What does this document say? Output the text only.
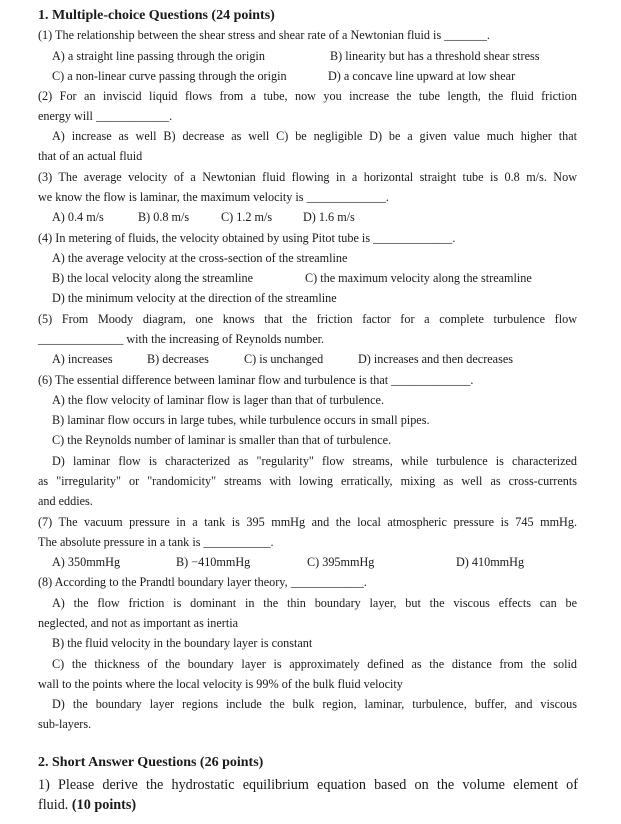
1. Multiple-choice Questions (24 points)
(1) The relationship between the shear stress and shear rate of a Newtonian fluid is _______.
A) a straight line passing through the origin	B) linearity but has a threshold shear stress
C) a non-linear curve passing through the origin	D) a concave line upward at low shear
(2) For an inviscid liquid flows from a tube, now you increase the tube length, the fluid friction
energy will ____________.
A) increase as well B) decrease as well C) be negligible D) be a given value much higher that
that of an actual fluid
(3) The average velocity of a Newtonian fluid flowing in a horizontal straight tube is 0.8 m/s. Now
we know the flow is laminar, the maximum velocity is _____________.
A) 0.4 m/s	B) 0.8 m/s	C) 1.2 m/s	D) 1.6 m/s
(4) In metering of fluids, the velocity obtained by using Pitot tube is _____________.
A) the average velocity at the cross-section of the streamline
B) the local velocity along the streamline	C) the maximum velocity along the streamline
D) the minimum velocity at the direction of the streamline
(5) From Moody diagram, one knows that the friction factor for a complete turbulence flow
______________ with the increasing of Reynolds number.
A) increases	B) decreases	C) is unchanged	D) increases and then decreases
(6) The essential difference between laminar flow and turbulence is that _____________.
A) the flow velocity of laminar flow is lager than that of turbulence.
B) laminar flow occurs in large tubes, while turbulence occurs in small pipes.
C) the Reynolds number of laminar is smaller than that of turbulence.
D) laminar flow is characterized as "regularity" flow streams, while turbulence is characterized
as "irregularity" or "randomicity" streams with lowing erratically, mixing as well as cross-currents
and eddies.
(7) The vacuum pressure in a tank is 395 mmHg and the local atmospheric pressure is 745 mmHg.
The absolute pressure in a tank is ___________.
A) 350mmHg	B) −410mmHg	C) 395mmHg	D) 410mmHg
(8) According to the Prandtl boundary layer theory, ____________.
A) the flow friction is dominant in the thin boundary layer, but the viscous effects can be
neglected, and not as important as inertia
B) the fluid velocity in the boundary layer is constant
C) the thickness of the boundary layer is approximately defined as the distance from the solid
wall to the points where the local velocity is 99% of the bulk fluid velocity
D) the boundary layer regions include the bulk region, laminar, turbulence, buffer, and viscous
sub-layers.
2. Short Answer Questions (26 points)
1) Please derive the hydrostatic equilibrium equation based on the volume element of
fluid. (10 points)
